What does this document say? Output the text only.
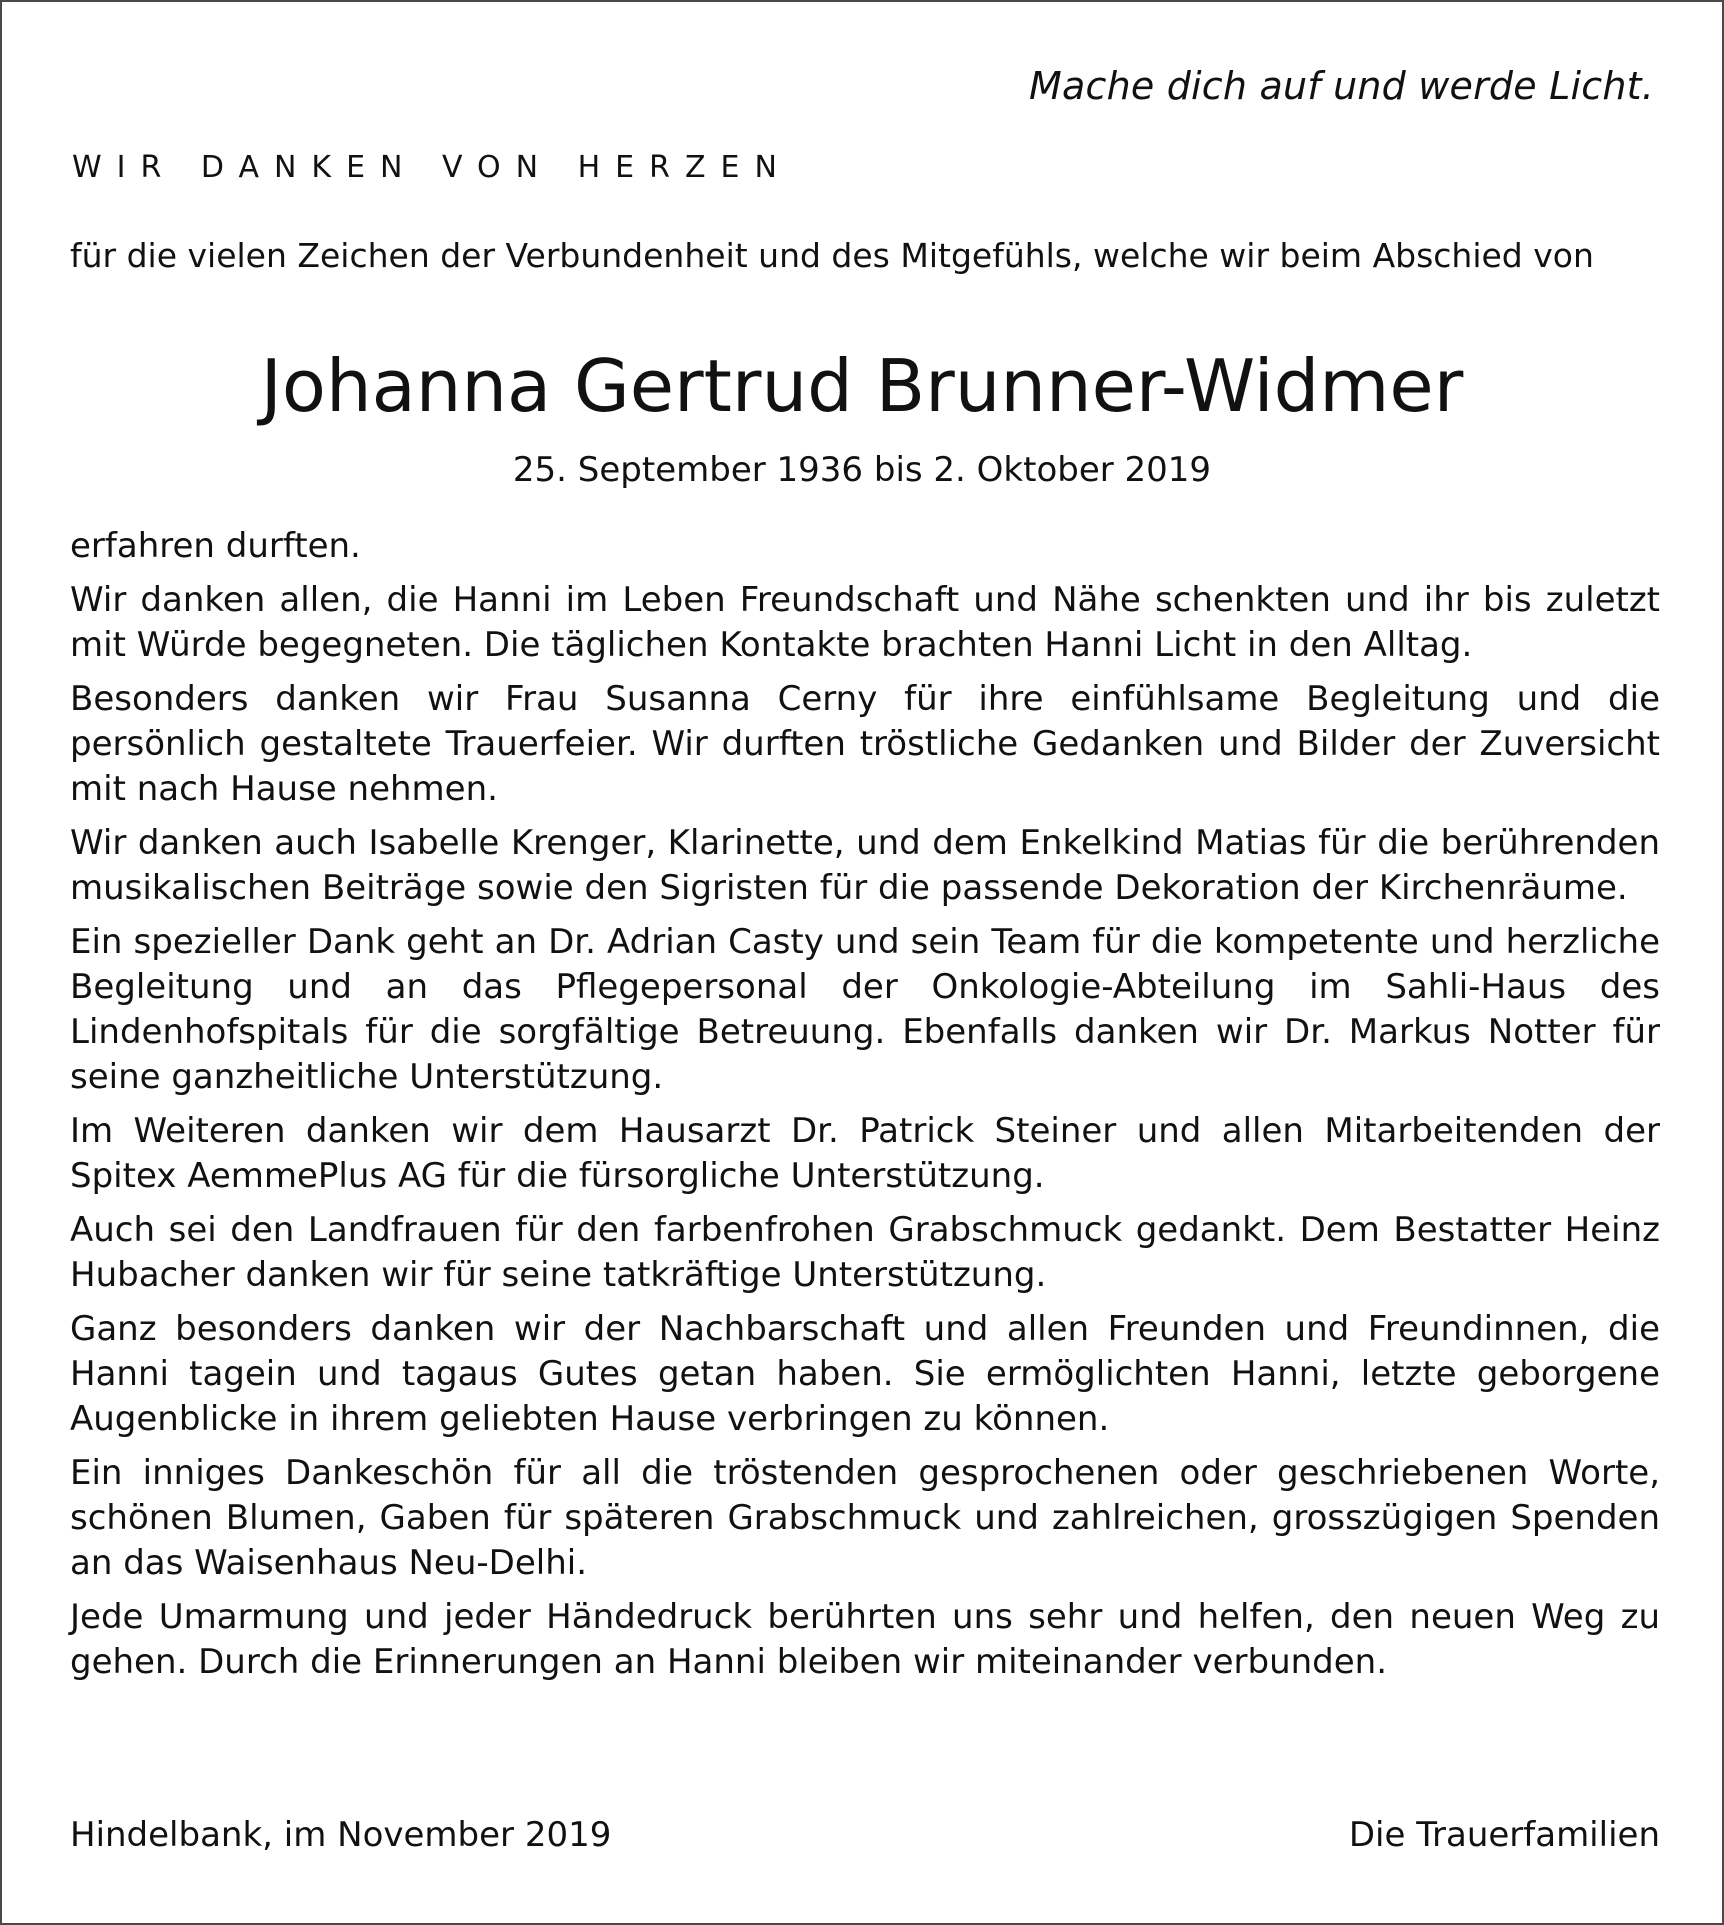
Mache dich auf und werde Licht.
WIR DANKEN VON HERZEN
für die vielen Zeichen der Verbundenheit und des Mitgefühls, welche wir beim Abschied von
Johanna Gertrud Brunner-Widmer
25. September 1936 bis 2. Oktober 2019

erfahren durften.

Wir danken allen, die Hanni im Leben Freundschaft und Nähe schenkten und ihr bis zuletzt mit Würde begegneten. Die täglichen Kontakte brachten Hanni Licht in den Alltag.

Besonders danken wir Frau Susanna Cerny für ihre einfühlsame Begleitung und die persönlich gestaltete Trauerfeier. Wir durften tröstliche Gedanken und Bilder der Zuversicht mit nach Hause nehmen.

Wir danken auch Isabelle Krenger, Klarinette, und dem Enkelkind Matias für die berührenden musikalischen Beiträge sowie den Sigristen für die passende Dekoration der Kirchenräume.

Ein spezieller Dank geht an Dr. Adrian Casty und sein Team für die kompetente und herzliche Begleitung und an das Pflegepersonal der Onkologie-Abteilung im Sahli-Haus des Lindenhofspitals für die sorgfältige Betreuung. Ebenfalls danken wir Dr. Markus Notter für seine ganzheitliche Unterstützung.

Im Weiteren danken wir dem Hausarzt Dr. Patrick Steiner und allen Mitarbeitenden der Spitex AemmePlus AG für die fürsorgliche Unterstützung.

Auch sei den Landfrauen für den farbenfrohen Grabschmuck gedankt. Dem Bestatter Heinz Hubacher danken wir für seine tatkräftige Unterstützung.

Ganz besonders danken wir der Nachbarschaft und allen Freunden und Freundinnen, die Hanni tagein und tagaus Gutes getan haben. Sie ermöglichten Hanni, letzte geborgene Augenblicke in ihrem geliebten Hause verbringen zu können.

Ein inniges Dankeschön für all die tröstenden gesprochenen oder geschriebenen Worte, schönen Blumen, Gaben für späteren Grabschmuck und zahlreichen, grosszügigen Spenden an das Waisenhaus Neu-Delhi.

Jede Umarmung und jeder Händedruck berührten uns sehr und helfen, den neuen Weg zu gehen. Durch die Erinnerungen an Hanni bleiben wir miteinander verbunden.

Hindelbank, im November 2019	Die Trauerfamilien
